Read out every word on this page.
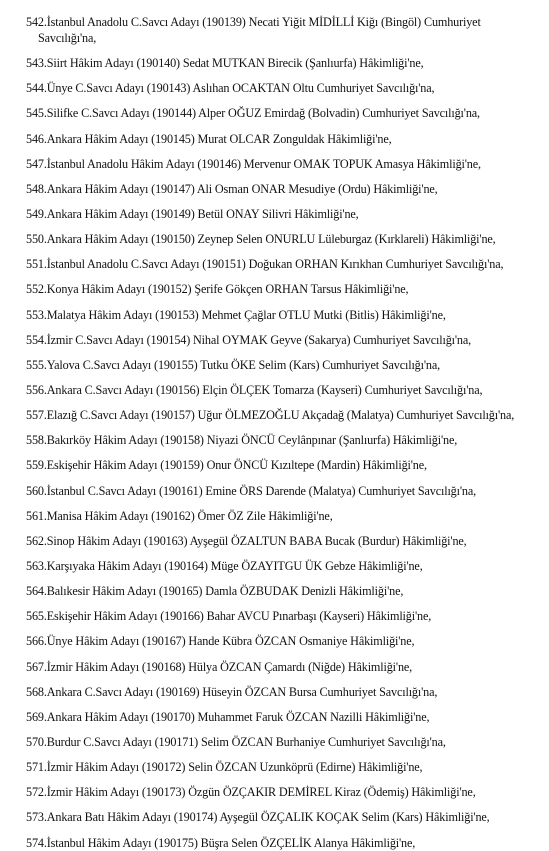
542.İstanbul Anadolu C.Savcı Adayı (190139) Necati Yiğit MİDİLLİ Kiğı (Bingöl) Cumhuriyet
Savcılığı'na,
543.Siirt Hâkim Adayı (190140) Sedat MUTKAN Birecik (Şanlıurfa) Hâkimliği'ne,
544.Ünye C.Savcı Adayı (190143) Aslıhan OCAKTAN Oltu Cumhuriyet Savcılığı'na,
545.Silifke C.Savcı Adayı (190144) Alper OĞUZ Emirdağ (Bolvadin) Cumhuriyet Savcılığı'na,
546.Ankara Hâkim Adayı (190145) Murat OLCAR Zonguldak Hâkimliği'ne,
547.İstanbul Anadolu Hâkim Adayı (190146) Mervenur OMAK TOPUK Amasya Hâkimliği'ne,
548.Ankara Hâkim Adayı (190147) Ali Osman ONAR Mesudiye (Ordu) Hâkimliği'ne,
549.Ankara Hâkim Adayı (190149) Betül ONAY Silivri Hâkimliği'ne,
550.Ankara Hâkim Adayı (190150) Zeynep Selen ONURLU Lüleburgaz (Kırklareli) Hâkimliği'ne,
551.İstanbul Anadolu C.Savcı Adayı (190151) Doğukan ORHAN Kırıkhan Cumhuriyet Savcılığı'na,
552.Konya Hâkim Adayı (190152) Şerife Gökçen ORHAN Tarsus Hâkimliği'ne,
553.Malatya Hâkim Adayı (190153) Mehmet Çağlar OTLU Mutki (Bitlis) Hâkimliği'ne,
554.İzmir C.Savcı Adayı (190154) Nihal OYMAK Geyve (Sakarya) Cumhuriyet Savcılığı'na,
555.Yalova C.Savcı Adayı (190155) Tutku ÖKE Selim (Kars) Cumhuriyet Savcılığı'na,
556.Ankara C.Savcı Adayı (190156) Elçin ÖLÇEK Tomarza (Kayseri) Cumhuriyet Savcılığı'na,
557.Elazığ C.Savcı Adayı (190157) Uğur ÖLMEZOĞLU Akçadağ (Malatya) Cumhuriyet Savcılığı'na,
558.Bakırköy Hâkim Adayı (190158) Niyazi ÖNCÜ Ceylânpınar (Şanlıurfa) Hâkimliği'ne,
559.Eskişehir Hâkim Adayı (190159) Onur ÖNCÜ Kızıltepe (Mardin) Hâkimliği'ne,
560.İstanbul C.Savcı Adayı (190161) Emine ÖRS Darende (Malatya) Cumhuriyet Savcılığı'na,
561.Manisa Hâkim Adayı (190162) Ömer ÖZ Zile Hâkimliği'ne,
562.Sinop Hâkim Adayı (190163) Ayşegül ÖZALTUN BABA Bucak (Burdur) Hâkimliği'ne,
563.Karşıyaka Hâkim Adayı (190164) Müge ÖZAYITGU ÜK Gebze Hâkimliği'ne,
564.Balıkesir Hâkim Adayı (190165) Damla ÖZBUDAK Denizli Hâkimliği'ne,
565.Eskişehir Hâkim Adayı (190166) Bahar AVCU Pınarbaşı (Kayseri) Hâkimliği'ne,
566.Ünye Hâkim Adayı (190167) Hande Kübra ÖZCAN Osmaniye Hâkimliği'ne,
567.İzmir Hâkim Adayı (190168) Hülya ÖZCAN Çamardı (Niğde) Hâkimliği'ne,
568.Ankara C.Savcı Adayı (190169) Hüseyin ÖZCAN Bursa Cumhuriyet Savcılığı'na,
569.Ankara Hâkim Adayı (190170) Muhammet Faruk ÖZCAN Nazilli Hâkimliği'ne,
570.Burdur C.Savcı Adayı (190171) Selim ÖZCAN Burhaniye Cumhuriyet Savcılığı'na,
571.İzmir Hâkim Adayı (190172) Selin ÖZCAN Uzunköprü (Edirne) Hâkimliği'ne,
572.İzmir Hâkim Adayı (190173) Özgün ÖZÇAKIR DEMİREL Kiraz (Ödemiş) Hâkimliği'ne,
573.Ankara Batı Hâkim Adayı (190174) Ayşegül ÖZÇALIK KOÇAK Selim (Kars) Hâkimliği'ne,
574.İstanbul Hâkim Adayı (190175) Büşra Selen ÖZÇELİK Alanya Hâkimliği'ne,
